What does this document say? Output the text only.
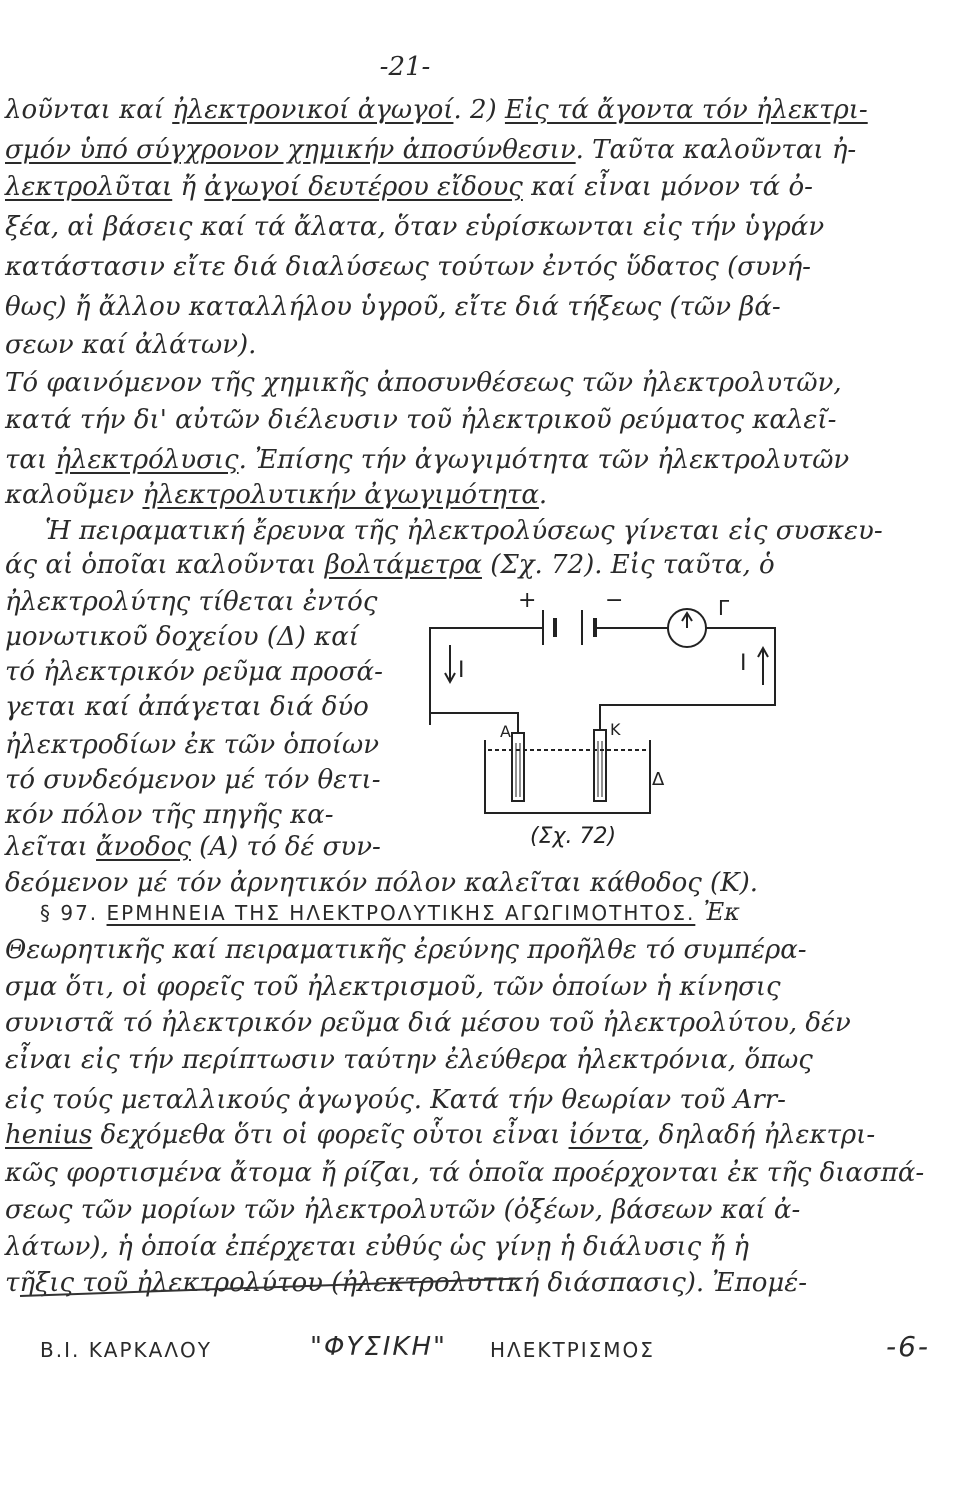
-21-
λοῦνται καί ἠλεκτρονικοί ἀγωγοί. 2) Εἰς τά ἄγοντα τόν ἠλεκτρι-
σμόν ὑπό σύγχρονον χημικήν ἀποσύνθεσιν. Ταῦτα καλοῦνται ἠ-
λεκτρολῦται ἤ ἀγωγοί δευτέρου εἴδους καί εἶναι μόνον τά ὀ-
ξέα, αἱ βάσεις καί τά ἄλατα, ὅταν εὑρίσκωνται εἰς τήν ὑγράν
κατάστασιν εἴτε διά διαλύσεως τούτων ἐντός ὕδατος (συνή-
θως) ἤ ἄλλου καταλλήλου ὑγροῦ, εἴτε διά τήξεως (τῶν βά-
σεων καί ἀλάτων).
Τό φαινόμενον τῆς χημικῆς ἀποσυνθέσεως τῶν ἠλεκτρολυτῶν,
κατά τήν δι' αὐτῶν διέλευσιν τοῦ ἠλεκτρικοῦ ρεύματος καλεῖ-
ται ἠλεκτρόλυσις. Ἐπίσης τήν ἀγωγιμότητα τῶν ἠλεκτρολυτῶν
καλοῦμεν ἠλεκτρολυτικήν ἀγωγιμότητα.
Ἡ πειραματική ἔρευνα τῆς ἠλεκτρολύσεως γίνεται εἰς συσκευ-
άς αἱ ὁποῖαι καλοῦνται βολτάμετρα (Σχ. 72). Εἰς ταῦτα, ὁ
ἠλεκτρολύτης τίθεται ἐντός
μονωτικοῦ δοχείου (Δ) καί
τό ἠλεκτρικόν ρεῦμα προσά-
γεται καί ἀπάγεται διά δύο
ἠλεκτροδίων ἐκ τῶν ὁποίων
τό συνδεόμενον μέ τόν θετι-
κόν πόλον τῆς πηγῆς κα-
λεῖται ἄνοδος (Α) τό δέ συν-
δεόμενον μέ τόν ἀρνητικόν πόλον καλεῖται κάθοδος (Κ).
Θεωρητικῆς καί πειραματικῆς ἐρεύνης προῆλθε τό συμπέρα-
σμα ὅτι, οἱ φορεῖς τοῦ ἠλεκτρισμοῦ, τῶν ὁποίων ἡ κίνησις
συνιστᾶ τό ἠλεκτρικόν ρεῦμα διά μέσου τοῦ ἠλεκτρολύτου, δέν
εἶναι εἰς τήν περίπτωσιν ταύτην ἐλεύθερα ἠλεκτρόνια, ὅπως
εἰς τούς μεταλλικούς ἀγωγούς. Κατά τήν θεωρίαν τοῦ Arr-
henius δεχόμεθα ὅτι οἱ φορεῖς οὗτοι εἶναι ἰόντα, δηλαδή ἠλεκτρι-
κῶς φορτισμένα ἄτομα ἤ ρίζαι, τά ὁποῖα προέρχονται ἐκ τῆς διασπά-
σεως τῶν μορίων τῶν ἠλεκτρολυτῶν (ὀξέων, βάσεων καί ἀ-
λάτων), ἡ ὁποία ἐπέρχεται εὐθύς ὡς γίνῃ ἡ διάλυσις ἤ ἡ
τῆξις τοῦ ἠλεκτρολύτου (ἠλεκτρολυτική διάσπασις). Ἐπομέ-
§ 97. ΕΡΜΗΝΕΙΑ ΤΗΣ ΗΛΕΚΤΡΟΛΥΤΙΚΗΣ ΑΓΩΓΙΜΟΤΗΤΟΣ. Ἐκ
+	−	Γ
I	I
A	K
Δ
(Σχ. 72)
Β.Ι. ΚΑΡΚΑΛΟΥ	"ΦΥΣΙΚΗ" ΗΛΕΚΤΡΙΣΜΟΣ	-6-
